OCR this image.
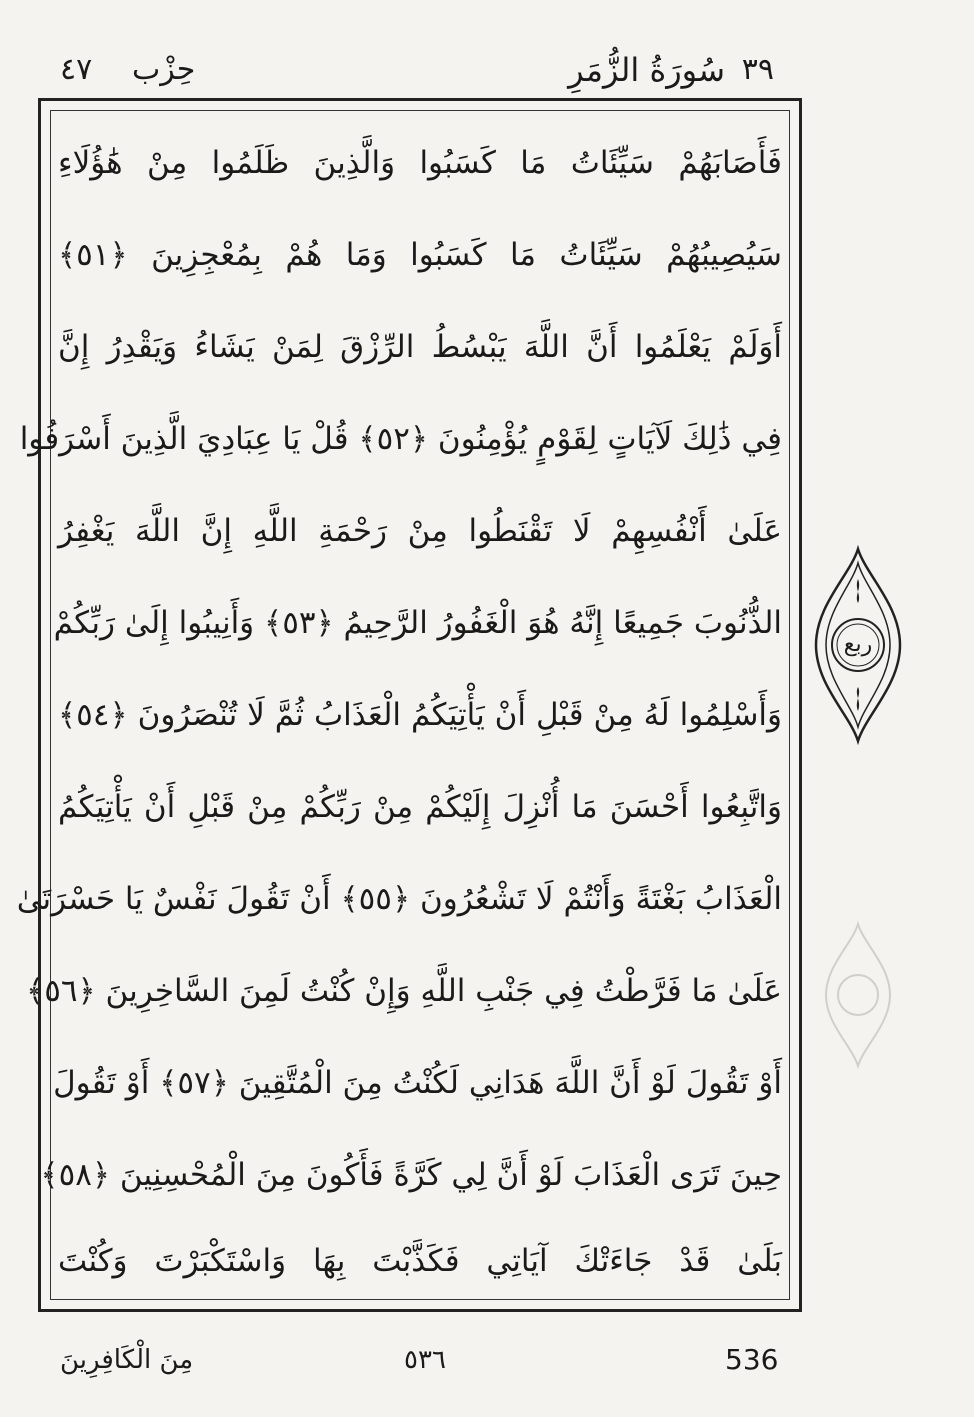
٣٩
سُورَةُ الزُّمَرِ
حِزْب
٤٧
فَأَصَابَهُمْ سَيِّئَاتُ مَا كَسَبُوا وَالَّذِينَ ظَلَمُوا مِنْ هَٰؤُلَاءِ
سَيُصِيبُهُمْ سَيِّئَاتُ مَا كَسَبُوا وَمَا هُمْ بِمُعْجِزِينَ ﴿٥١﴾
أَوَلَمْ يَعْلَمُوا أَنَّ اللَّهَ يَبْسُطُ الرِّزْقَ لِمَنْ يَشَاءُ وَيَقْدِرُ إِنَّ
فِي ذَٰلِكَ لَآيَاتٍ لِقَوْمٍ يُؤْمِنُونَ ﴿٥٢﴾ قُلْ يَا عِبَادِيَ الَّذِينَ أَسْرَفُوا
عَلَىٰ أَنْفُسِهِمْ لَا تَقْنَطُوا مِنْ رَحْمَةِ اللَّهِ إِنَّ اللَّهَ يَغْفِرُ
الذُّنُوبَ جَمِيعًا إِنَّهُ هُوَ الْغَفُورُ الرَّحِيمُ ﴿٥٣﴾ وَأَنِيبُوا إِلَىٰ رَبِّكُمْ
وَأَسْلِمُوا لَهُ مِنْ قَبْلِ أَنْ يَأْتِيَكُمُ الْعَذَابُ ثُمَّ لَا تُنْصَرُونَ ﴿٥٤﴾
وَاتَّبِعُوا أَحْسَنَ مَا أُنْزِلَ إِلَيْكُمْ مِنْ رَبِّكُمْ مِنْ قَبْلِ أَنْ يَأْتِيَكُمُ
الْعَذَابُ بَغْتَةً وَأَنْتُمْ لَا تَشْعُرُونَ ﴿٥٥﴾ أَنْ تَقُولَ نَفْسٌ يَا حَسْرَتَىٰ
عَلَىٰ مَا فَرَّطْتُ فِي جَنْبِ اللَّهِ وَإِنْ كُنْتُ لَمِنَ السَّاخِرِينَ ﴿٥٦﴾
أَوْ تَقُولَ لَوْ أَنَّ اللَّهَ هَدَانِي لَكُنْتُ مِنَ الْمُتَّقِينَ ﴿٥٧﴾ أَوْ تَقُولَ
حِينَ تَرَى الْعَذَابَ لَوْ أَنَّ لِي كَرَّةً فَأَكُونَ مِنَ الْمُحْسِنِينَ ﴿٥٨﴾
بَلَىٰ قَدْ جَاءَتْكَ آيَاتِي فَكَذَّبْتَ بِهَا وَاسْتَكْبَرْتَ وَكُنْتَ
ربع
مِنَ الْكَافِرِينَ	٥٣٦	536
